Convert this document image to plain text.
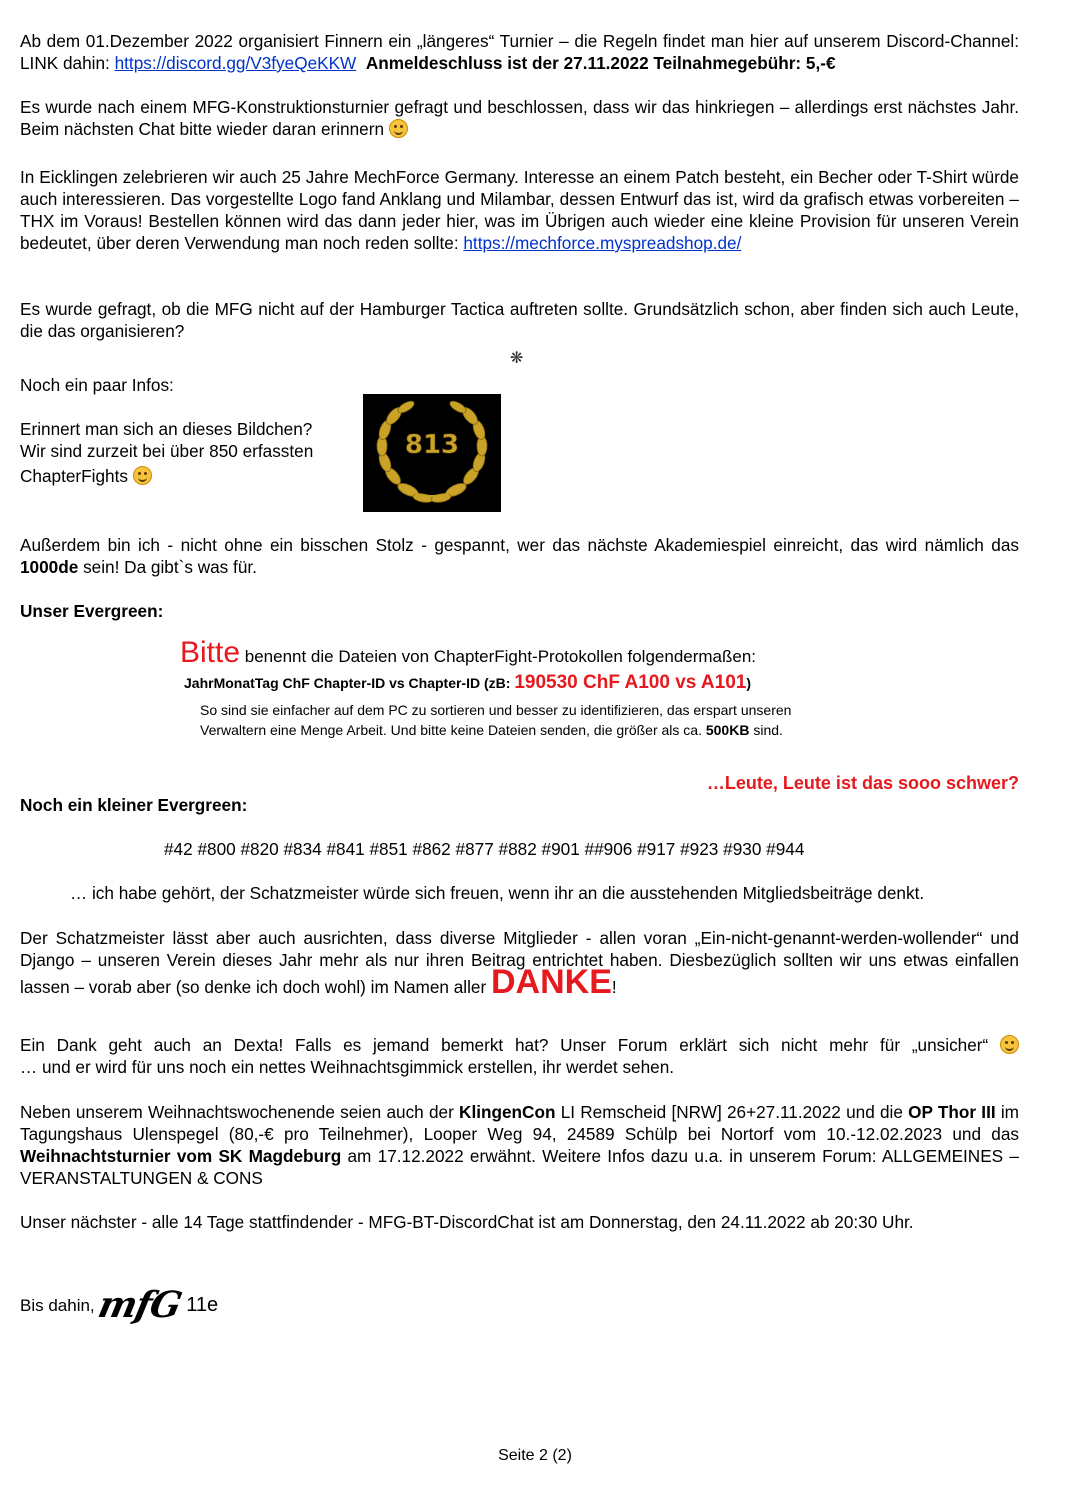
Ab dem 01.Dezember 2022 organisiert Finnern ein „längeres“ Turnier – die Regeln findet man hier auf unserem Discord-Channel: LINK dahin: https://discord.gg/V3fyeQeKKW Anmeldeschluss ist der 27.11.2022 Teilnahmegebühr: 5,-€

Es wurde nach einem MFG-Konstruktionsturnier gefragt und beschlossen, dass wir das hinkriegen – allerdings erst nächstes Jahr. Beim nächsten Chat bitte wieder daran erinnern

In Eicklingen zelebrieren wir auch 25 Jahre MechForce Germany. Interesse an einem Patch besteht, ein Becher oder T-Shirt würde auch interessieren. Das vorgestellte Logo fand Anklang und Milambar, dessen Entwurf das ist, wird da grafisch etwas vorbereiten – THX im Voraus! Bestellen können wird das dann jeder hier, was im Übrigen auch wieder eine kleine Provision für unseren Verein bedeutet, über deren Verwendung man noch reden sollte: https://mechforce.myspreadshop.de/

Es wurde gefragt, ob die MFG nicht auf der Hamburger Tactica auftreten sollte. Grundsätzlich schon, aber finden sich auch Leute, die das organisieren?

❋

Noch ein paar Infos:

Erinnert man sich an dieses Bildchen?

Wir sind zurzeit bei über 850 erfassten

ChapterFights

813

Außerdem bin ich - nicht ohne ein bisschen Stolz - gespannt, wer das nächste Akademiespiel einreicht, das wird nämlich das 1000de sein! Da gibt`s was für.

Unser Evergreen:

Bitte benennt die Dateien von ChapterFight-Protokollen folgendermaßen:

JahrMonatTag ChF Chapter-ID vs Chapter-ID (zB: 190530 ChF A100 vs A101)

So sind sie einfacher auf dem PC zu sortieren und besser zu identifizieren, das erspart unseren
Verwaltern eine Menge Arbeit. Und bitte keine Dateien senden, die größer als ca. 500KB sind.

…Leute, Leute ist das sooo schwer?

Noch ein kleiner Evergreen:

#42 #800 #820 #834 #841 #851 #862 #877 #882 #901 ##906 #917 #923 #930 #944

… ich habe gehört, der Schatzmeister würde sich freuen, wenn ihr an die ausstehenden Mitgliedsbeiträge denkt.

Der Schatzmeister lässt aber auch ausrichten, dass diverse Mitglieder - allen voran „Ein-nicht-genannt-werden-wollender“ und Django – unseren Verein dieses Jahr mehr als nur ihren Beitrag entrichtet haben. Diesbezüglich sollten wir uns etwas einfallen lassen – vorab aber (so denke ich doch wohl) im Namen aller DANKE!

Ein Dank geht auch an Dexta! Falls es jemand bemerkt hat? Unser Forum erklärt sich nicht mehr für „unsicher“

… und er wird für uns noch ein nettes Weihnachtsgimmick erstellen, ihr werdet sehen.

Neben unserem Weihnachtswochenende seien auch der KlingenCon LI Remscheid [NRW] 26+27.11.2022 und die OP Thor III im Tagungshaus Ulenspegel (80,-€ pro Teilnehmer), Looper Weg 94, 24589 Schülp bei Nortorf vom 10.-12.02.2023 und das Weihnachtsturnier vom SK Magdeburg am 17.12.2022 erwähnt. Weitere Infos dazu u.a. in unserem Forum: ALLGEMEINES – VERANSTALTUNGEN & CONS

Unser nächster - alle 14 Tage stattfindender - MFG-BT-DiscordChat ist am Donnerstag, den 24.11.2022 ab 20:30 Uhr.

Bis dahin, mfG 11e

Seite 2 (2)
